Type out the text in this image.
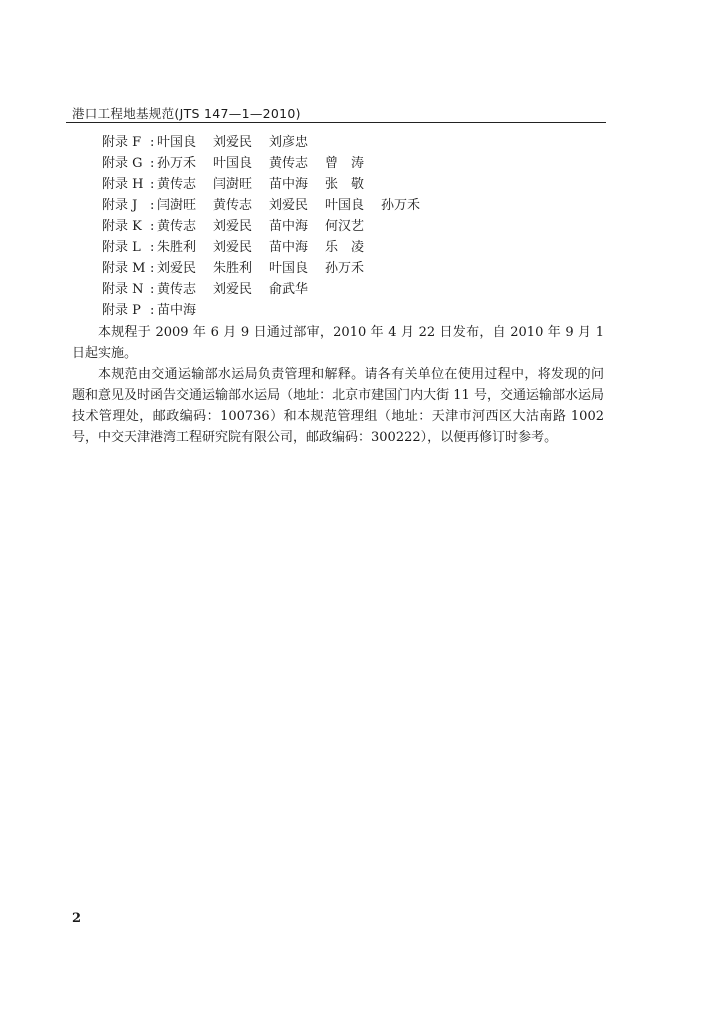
港口工程地基规范(JTS 147—1—2010)
附录 F : 叶国良	刘爱民	刘彦忠
附录 G : 孙万禾	叶国良	黄传志	曾　涛
附录 H : 黄传志	闫澍旺	苗中海	张　敬
附录 J : 闫澍旺	黄传志	刘爱民	叶国良	孙万禾
附录 K : 黄传志	刘爱民	苗中海	何汉艺
附录 L : 朱胜利	刘爱民	苗中海	乐　凌
附录 M : 刘爱民	朱胜利	叶国良	孙万禾
附录 N : 黄传志	刘爱民	俞武华
附录 P : 苗中海

本规程于 2009 年 6 月 9 日通过部审，2010 年 4 月 22 日发布，自 2010 年 9 月 1 日起实施。

本规范由交通运输部水运局负责管理和解释。请各有关单位在使用过程中，将发现的问题和意见及时函告交通运输部水运局（地址：北京市建国门内大街 11 号，交通运输部水运局技术管理处，邮政编码：100736）和本规范管理组（地址：天津市河西区大沽南路 1002 号，中交天津港湾工程研究院有限公司，邮政编码：300222），以便再修订时参考。

2
